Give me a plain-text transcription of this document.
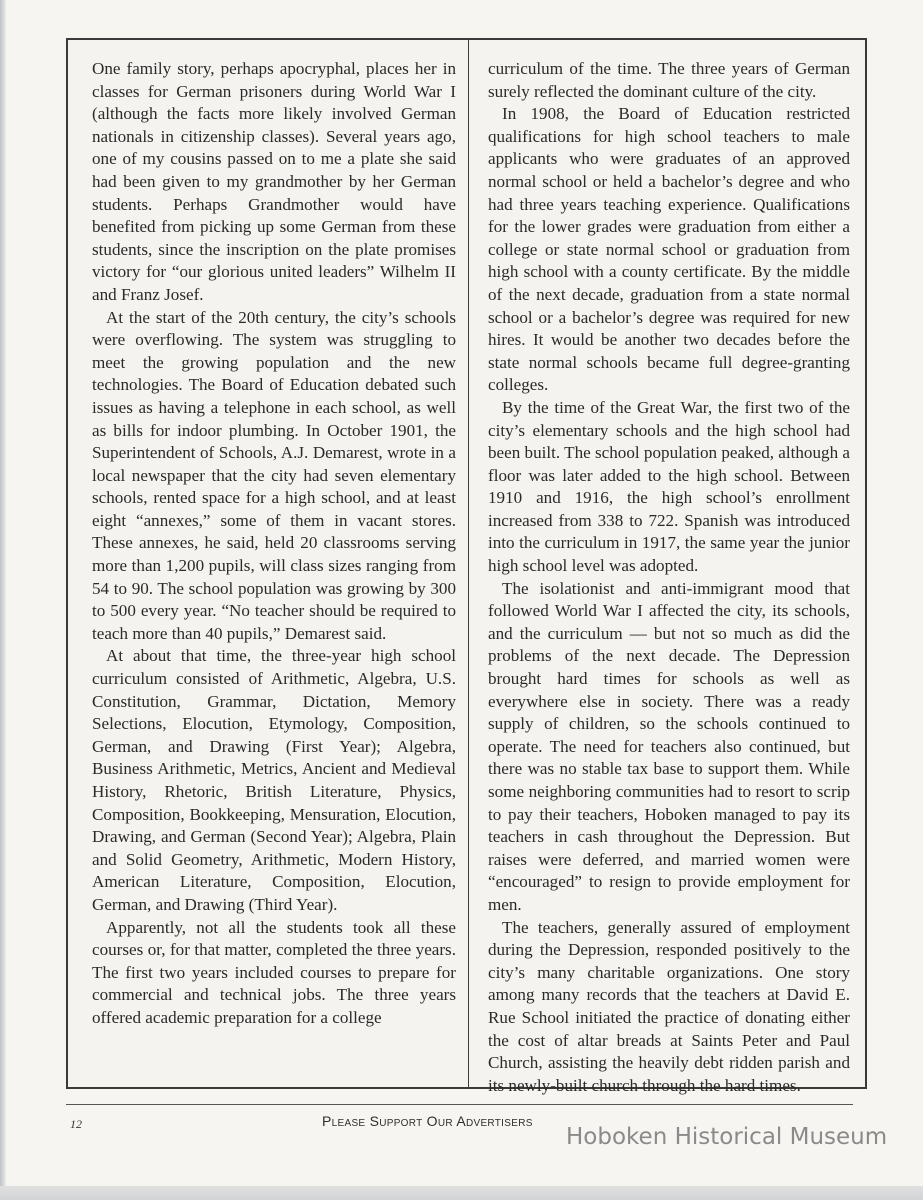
One family story, perhaps apocryphal, places her in classes for German prisoners during World War I (although the facts more likely involved German nationals in citizenship classes). Several years ago, one of my cousins passed on to me a plate she said had been given to my grandmother by her German students. Perhaps Grandmother would have benefited from picking up some German from these students, since the inscription on the plate promises victory for “our glorious united leaders” Wilhelm II and Franz Josef.

At the start of the 20th century, the city’s schools were overflowing. The system was struggling to meet the growing population and the new technologies. The Board of Education debated such issues as having a telephone in each school, as well as bills for indoor plumbing. In October 1901, the Superintendent of Schools, A.J. Demarest, wrote in a local newspaper that the city had seven elementary schools, rented space for a high school, and at least eight “annexes,” some of them in vacant stores. These annexes, he said, held 20 classrooms serving more than 1,200 pupils, will class sizes ranging from 54 to 90. The school population was growing by 300 to 500 every year. “No teacher should be required to teach more than 40 pupils,” Demarest said.

At about that time, the three-year high school curriculum consisted of Arithmetic, Algebra, U.S. Constitution, Grammar, Dictation, Memory Selections, Elocution, Etymology, Composition, German, and Drawing (First Year); Algebra, Business Arithmetic, Metrics, Ancient and Medieval History, Rhetoric, British Literature, Physics, Composition, Bookkeeping, Mensuration, Elocution, Drawing, and German (Second Year); Algebra, Plain and Solid Geometry, Arithmetic, Modern History, American Literature, Composition, Elocution, German, and Drawing (Third Year).

Apparently, not all the students took all these courses or, for that matter, completed the three years. The first two years included courses to prepare for commercial and technical jobs. The three years offered academic preparation for a college

curriculum of the time. The three years of German surely reflected the dominant culture of the city.

In 1908, the Board of Education restricted qualifications for high school teachers to male applicants who were graduates of an approved normal school or held a bachelor’s degree and who had three years teaching experience. Qualifications for the lower grades were graduation from either a college or state normal school or graduation from high school with a county certificate. By the middle of the next decade, graduation from a state normal school or a bachelor’s degree was required for new hires. It would be another two decades before the state normal schools became full degree-granting colleges.

By the time of the Great War, the first two of the city’s elementary schools and the high school had been built. The school population peaked, although a floor was later added to the high school. Between 1910 and 1916, the high school’s enrollment increased from 338 to 722. Spanish was introduced into the curriculum in 1917, the same year the junior high school level was adopted.

The isolationist and anti-immigrant mood that followed World War I affected the city, its schools, and the curriculum — but not so much as did the problems of the next decade. The Depression brought hard times for schools as well as everywhere else in society. There was a ready supply of children, so the schools continued to operate. The need for teachers also continued, but there was no stable tax base to support them. While some neighboring communities had to resort to scrip to pay their teachers, Hoboken managed to pay its teachers in cash throughout the Depression. But raises were deferred, and married women were “encouraged” to resign to provide employment for men.

The teachers, generally assured of employment during the Depression, responded positively to the city’s many charitable organizations. One story among many records that the teachers at David E. Rue School initiated the practice of donating either the cost of altar breads at Saints Peter and Paul Church, assisting the heavily debt ridden parish and its newly-built church through the hard times.

12	Please Support Our Advertisers
Hoboken Historical Museum
